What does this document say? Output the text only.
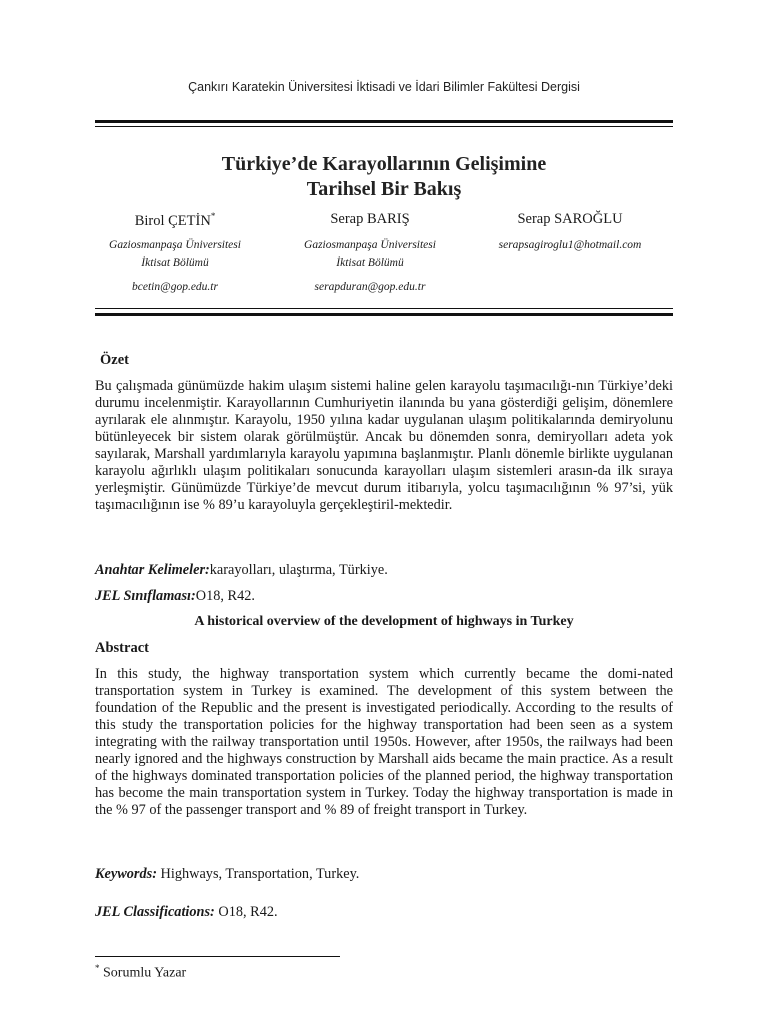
Çankırı Karatekin Üniversitesi İktisadi ve İdari Bilimler Fakültesi Dergisi
Türkiye’de Karayollarının Gelişimine
Tarihsel Bir Bakış
Birol ÇETİN*
Gaziosmanpaşa Üniversitesi
İktisat Bölümü
bcetin@gop.edu.tr
Serap BARIŞ
Gaziosmanpaşa Üniversitesi
İktisat Bölümü
serapduran@gop.edu.tr
Serap SAROĞLU
serapsagiroglu1@hotmail.com
Özet
Bu çalışmada günümüzde hakim ulaşım sistemi haline gelen karayolu taşımacılığı-nın Türkiye’deki durumu incelenmiştir. Karayollarının Cumhuriyetin ilanında bu yana gösterdiği gelişim, dönemlere ayrılarak ele alınmıştır. Karayolu, 1950 yılına kadar uygulanan ulaşım politikalarında demiryolunu bütünleyecek bir sistem olarak görülmüştür. Ancak bu dönemden sonra, demiryolları adeta yok sayılarak, Marshall yardımlarıyla karayolu yapımına başlanmıştır. Planlı dönemle birlikte uygulanan karayolu ağırlıklı ulaşım politikaları sonucunda karayolları ulaşım sistemleri arasın-da ilk sıraya yerleşmiştir. Günümüzde Türkiye’de mevcut durum itibarıyla, yolcu taşımacılığının % 97’si, yük taşımacılığının ise % 89’u karayoluyla gerçekleştiril-mektedir.
Anahtar Kelimeler:karayolları, ulaştırma, Türkiye.
JEL Sınıflaması:O18, R42.
A historical overview of the development of highways in Turkey
Abstract
In this study, the highway transportation system which currently became the domi-nated transportation system in Turkey is examined. The development of this system between the foundation of the Republic and the present is investigated periodically. According to the results of this study the transportation policies for the highway transportation had been seen as a system integrating with the railway transportation until 1950s. However, after 1950s, the railways had been nearly ignored and the highways construction by Marshall aids became the main practice. As a result of the highways dominated transportation policies of the planned period, the highway transportation has become the main transportation system in Turkey. Today the highway transportation is made in the % 97 of the passenger transport and % 89 of freight transport in Turkey.
Keywords: Highways, Transportation, Turkey.
JEL Classifications: O18, R42.
* Sorumlu Yazar
